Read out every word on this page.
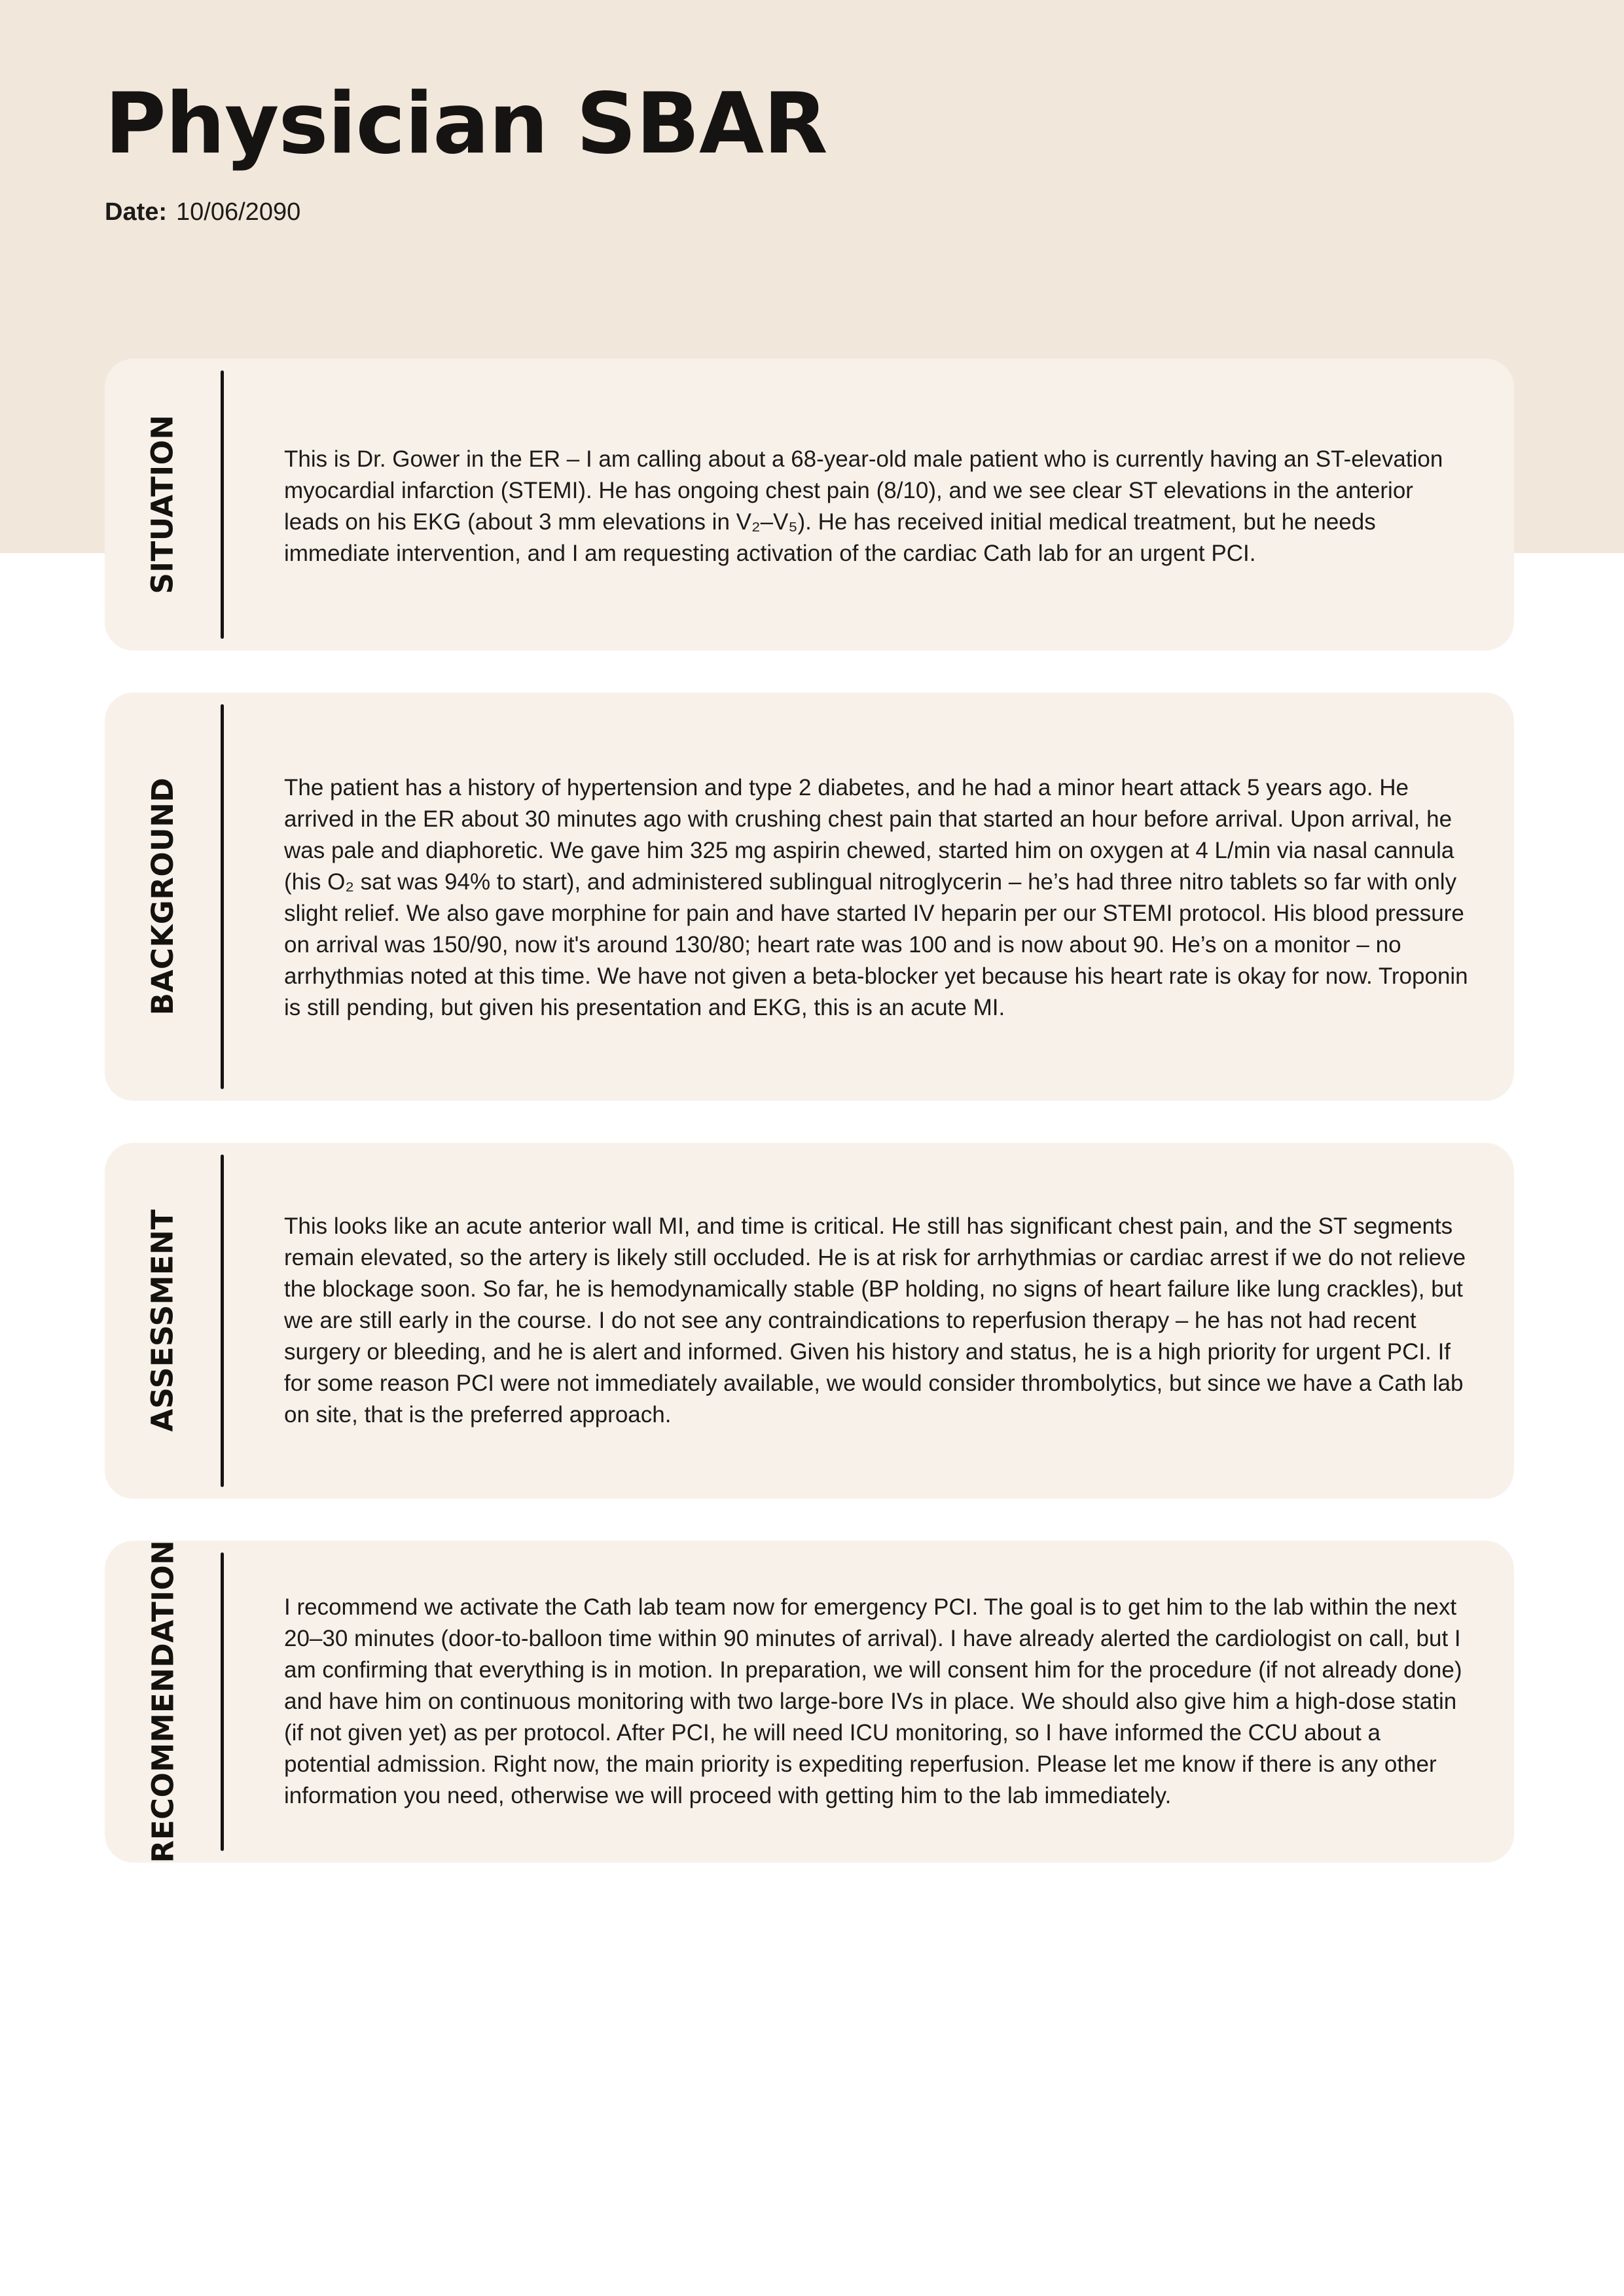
Physician SBAR
Date: 10/06/2090
SITUATION	This is Dr. Gower in the ER – I am calling about a 68-year-old male patient who is currently having an ST-elevation myocardial infarction (STEMI). He has ongoing chest pain (8/10), and we see clear ST elevations in the anterior leads on his EKG (about 3 mm elevations in V₂–V₅). He has received initial medical treatment, but he needs immediate intervention, and I am requesting activation of the cardiac Cath lab for an urgent PCI.
BACKGROUND	The patient has a history of hypertension and type 2 diabetes, and he had a minor heart attack 5 years ago. He arrived in the ER about 30 minutes ago with crushing chest pain that started an hour before arrival. Upon arrival, he was pale and diaphoretic. We gave him 325 mg aspirin chewed, started him on oxygen at 4 L/min via nasal cannula (his O₂ sat was 94% to start), and administered sublingual nitroglycerin – he’s had three nitro tablets so far with only slight relief. We also gave morphine for pain and have started IV heparin per our STEMI protocol. His blood pressure on arrival was 150/90, now it's around 130/80; heart rate was 100 and is now about 90. He’s on a monitor – no arrhythmias noted at this time. We have not given a beta-blocker yet because his heart rate is okay for now. Troponin is still pending, but given his presentation and EKG, this is an acute MI.
ASSESSMENT	This looks like an acute anterior wall MI, and time is critical. He still has significant chest pain, and the ST segments remain elevated, so the artery is likely still occluded. He is at risk for arrhythmias or cardiac arrest if we do not relieve the blockage soon. So far, he is hemodynamically stable (BP holding, no signs of heart failure like lung crackles), but we are still early in the course. I do not see any contraindications to reperfusion therapy – he has not had recent surgery or bleeding, and he is alert and informed. Given his history and status, he is a high priority for urgent PCI. If for some reason PCI were not immediately available, we would consider thrombolytics, but since we have a Cath lab on site, that is the preferred approach.
RECOMMENDATION	I recommend we activate the Cath lab team now for emergency PCI. The goal is to get him to the lab within the next 20–30 minutes (door-to-balloon time within 90 minutes of arrival). I have already alerted the cardiologist on call, but I am confirming that everything is in motion. In preparation, we will consent him for the procedure (if not already done) and have him on continuous monitoring with two large-bore IVs in place. We should also give him a high-dose statin (if not given yet) as per protocol. After PCI, he will need ICU monitoring, so I have informed the CCU about a potential admission. Right now, the main priority is expediting reperfusion. Please let me know if there is any other information you need, otherwise we will proceed with getting him to the lab immediately.
